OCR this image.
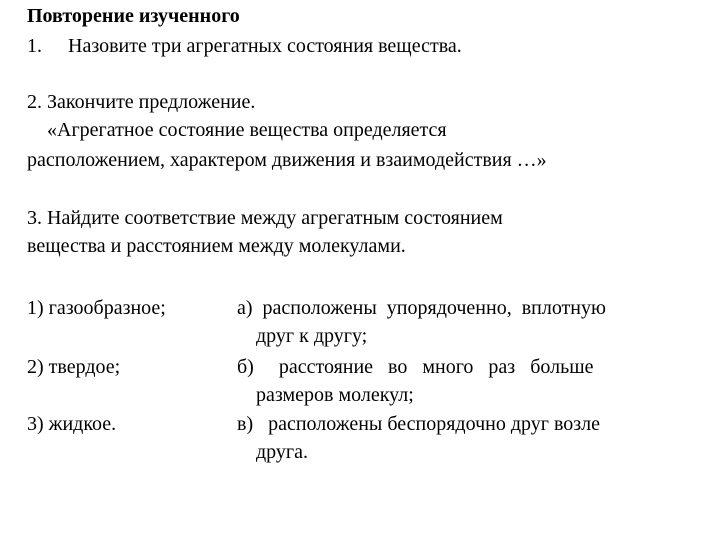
Повторение изученного
1. Назовите три агрегатных состояния вещества.
2. Закончите предложение.
«Агрегатное состояние вещества определяется
расположением, характером движения и взаимодействия …»
3. Найдите соответствие между агрегатным состоянием
вещества и расстоянием между молекулами.
1) газообразное;
2) твердое;
3) жидкое.
а)  расположены  упорядоченно,  вплотную
друг к другу;
б)     расстояние   во   много   раз   больше
размеров молекул;
в)   расположены беспорядочно друг возле
друга.
